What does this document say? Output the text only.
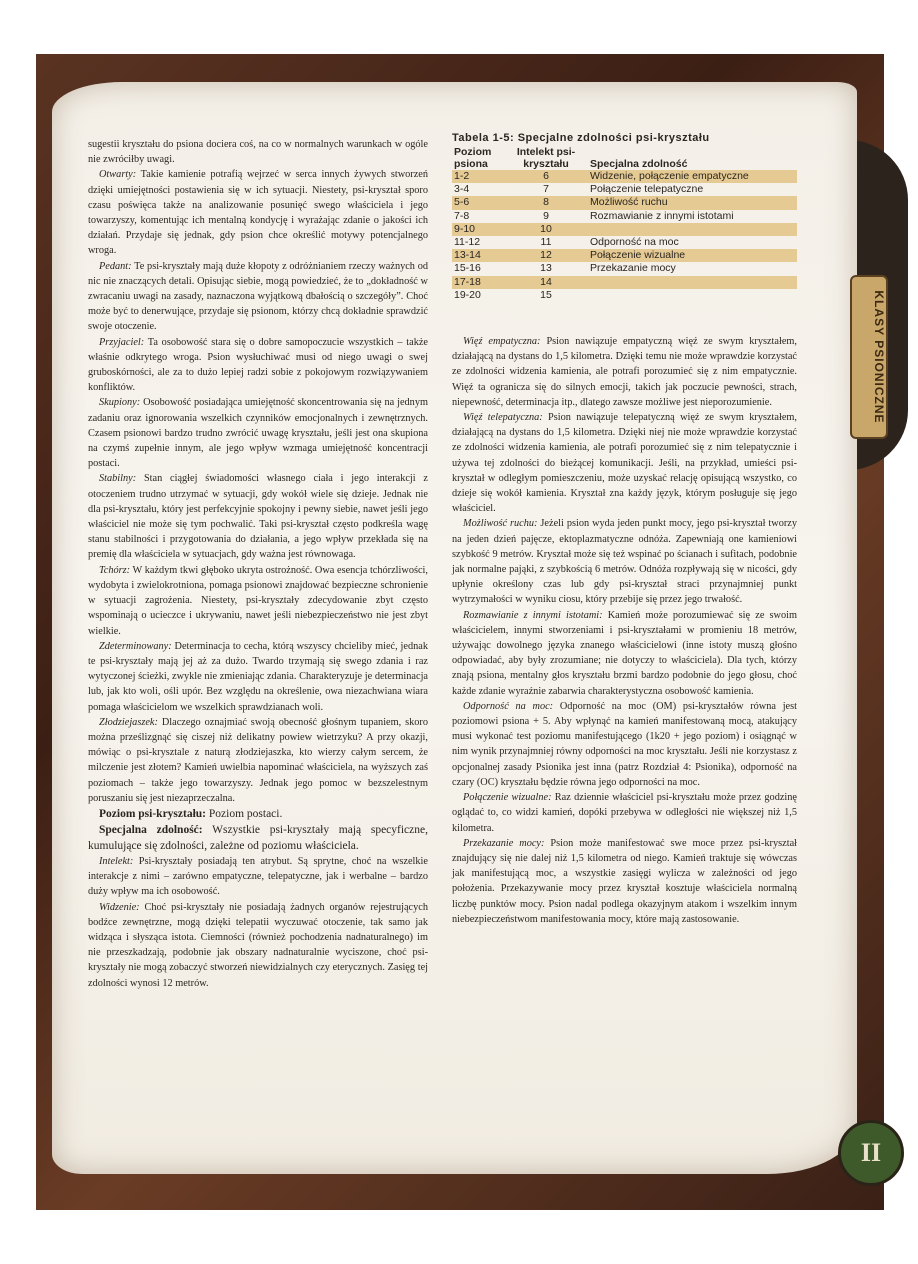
KLASY PSIONICZNE
II
Tabela 1-5: Specjalne zdolności psi-kryształu
Poziom psiona	Intelekt psi-kryształu	Specjalna zdolność
1-2	6	Widzenie, połączenie empatyczne
3-4	7	Połączenie telepatyczne
5-6	8	Możliwość ruchu
7-8	9	Rozmawianie z innymi istotami
9-10	10	
11-12	11	Odporność na moc
13-14	12	Połączenie wizualne
15-16	13	Przekazanie mocy
17-18	14	
19-20	15	

sugestii kryształu do psiona dociera coś, na co w normalnych warunkach w ogóle nie zwróciłby uwagi.

Otwarty: Takie kamienie potrafią wejrzeć w serca innych żywych stworzeń dzięki umiejętności postawienia się w ich sytuacji. Niestety, psi-kryształ sporo czasu poświęca także na analizowanie posunięć swego właściciela i jego towarzyszy, komentując ich mentalną kondycję i wyrażając zdanie o jakości ich działań. Przydaje się jednak, gdy psion chce określić motywy potencjalnego wroga.

Pedant: Te psi-kryształy mają duże kłopoty z odróżnianiem rzeczy ważnych od nic nie znaczących detali. Opisując siebie, mogą powiedzieć, że to „dokładność w zwracaniu uwagi na zasady, naznaczona wyjątkową dbałością o szczegóły”. Choć może być to denerwujące, przydaje się psionom, którzy chcą dokładnie sprawdzić swoje otoczenie.

Przyjaciel: Ta osobowość stara się o dobre samopoczucie wszystkich – także właśnie odkrytego wroga. Psion wysłuchiwać musi od niego uwagi o swej gruboskórności, ale za to dużo lepiej radzi sobie z pokojowym rozwiązywaniem konfliktów.

Skupiony: Osobowość posiadająca umiejętność skoncentrowania się na jednym zadaniu oraz ignorowania wszelkich czynników emocjonalnych i zewnętrznych. Czasem psionowi bardzo trudno zwrócić uwagę kryształu, jeśli jest ona skupiona na czymś zupełnie innym, ale jego wpływ wzmaga umiejętność koncentracji postaci.

Stabilny: Stan ciągłej świadomości własnego ciała i jego interakcji z otoczeniem trudno utrzymać w sytuacji, gdy wokół wiele się dzieje. Jednak nie dla psi-kryształu, który jest perfekcyjnie spokojny i pewny siebie, nawet jeśli jego właściciel nie może się tym pochwalić. Taki psi-kryształ często podkreśla wagę stanu stabilności i przygotowania do działania, a jego wpływ przekłada się na premię dla właściciela w sytuacjach, gdy ważna jest równowaga.

Tchórz: W każdym tkwi głęboko ukryta ostrożność. Owa esencja tchórzliwości, wydobyta i zwielokrotniona, pomaga psionowi znajdować bezpieczne schronienie w sytuacji zagrożenia. Niestety, psi-kryształy zdecydowanie zbyt często wspominają o ucieczce i ukrywaniu, nawet jeśli niebezpieczeństwo nie jest zbyt wielkie.

Zdeterminowany: Determinacja to cecha, którą wszyscy chcieliby mieć, jednak te psi-kryształy mają jej aż za dużo. Twardo trzymają się swego zdania i raz wytyczonej ścieżki, zwykle nie zmieniając zdania. Charakteryzuje je determinacja lub, jak kto woli, ośli upór. Bez względu na określenie, owa niezachwiana wiara pomaga właścicielom we wszelkich sprawdzianach woli.

Złodziejaszek: Dlaczego oznajmiać swoją obecność głośnym tupaniem, skoro można prześlizgnąć się ciszej niż delikatny powiew wietrzyku? A przy okazji, mówiąc o psi-krysztale z naturą złodziejaszka, kto wierzy całym sercem, że milczenie jest złotem? Kamień uwielbia napominać właściciela, na wyższych zaś poziomach – także jego towarzyszy. Jednak jego pomoc w bezszelestnym poruszaniu się jest niezaprzeczalna.

Poziom psi-kryształu: Poziom postaci.

Specjalna zdolność: Wszystkie psi-kryształy mają specyficzne, kumulujące się zdolności, zależne od poziomu właściciela.

Intelekt: Psi-kryształy posiadają ten atrybut. Są sprytne, choć na wszelkie interakcje z nimi – zarówno empatyczne, telepatyczne, jak i werbalne – bardzo duży wpływ ma ich osobowość.

Widzenie: Choć psi-kryształy nie posiadają żadnych organów rejestrujących bodźce zewnętrzne, mogą dzięki telepatii wyczuwać otoczenie, tak samo jak widząca i słysząca istota. Ciemności (również pochodzenia nadnaturalnego) im nie przeszkadzają, podobnie jak obszary nadnaturalnie wyciszone, choć psi-kryształy nie mogą zobaczyć stworzeń niewidzialnych czy eterycznych. Zasięg tej zdolności wynosi 12 metrów.

Więź empatyczna: Psion nawiązuje empatyczną więź ze swym kryształem, działającą na dystans do 1,5 kilometra. Dzięki temu nie może wprawdzie korzystać ze zdolności widzenia kamienia, ale potrafi porozumieć się z nim empatycznie. Więź ta ogranicza się do silnych emocji, takich jak poczucie pewności, strach, niepewność, determinacja itp., dlatego zawsze możliwe jest nieporozumienie.

Więź telepatyczna: Psion nawiązuje telepatyczną więź ze swym kryształem, działającą na dystans do 1,5 kilometra. Dzięki niej nie może wprawdzie korzystać ze zdolności widzenia kamienia, ale potrafi porozumieć się z nim telepatycznie i używa tej zdolności do bieżącej komunikacji. Jeśli, na przykład, umieści psi-kryształ w odległym pomieszczeniu, może uzyskać relację opisującą wszystko, co dzieje się wokół kamienia. Kryształ zna każdy język, którym posługuje się jego właściciel.

Możliwość ruchu: Jeżeli psion wyda jeden punkt mocy, jego psi-kryształ tworzy na jeden dzień pajęcze, ektoplazmatyczne odnóża. Zapewniają one kamieniowi szybkość 9 metrów. Kryształ może się też wspinać po ścianach i sufitach, podobnie jak normalne pająki, z szybkością 6 metrów. Odnóża rozpływają się w nicości, gdy upłynie określony czas lub gdy psi-kryształ straci przynajmniej punkt wytrzymałości w wyniku ciosu, który przebije się przez jego trwałość.

Rozmawianie z innymi istotami: Kamień może porozumiewać się ze swoim właścicielem, innymi stworzeniami i psi-kryształami w promieniu 18 metrów, używając dowolnego języka znanego właścicielowi (inne istoty muszą głośno odpowiadać, aby były zrozumiane; nie dotyczy to właściciela). Dla tych, którzy znają psiona, mentalny głos kryształu brzmi bardzo podobnie do jego głosu, choć każde zdanie wyraźnie zabarwia charakterystyczna osobowość kamienia.

Odporność na moc: Odporność na moc (OM) psi-kryształów równa jest poziomowi psiona + 5. Aby wpłynąć na kamień manifestowaną mocą, atakujący musi wykonać test poziomu manifestującego (1k20 + jego poziom) i osiągnąć w nim wynik przynajmniej równy odporności na moc kryształu. Jeśli nie korzystasz z opcjonalnej zasady Psionika jest inna (patrz Rozdział 4: Psionika), odporność na czary (OC) kryształu będzie równa jego odporności na moc.

Połączenie wizualne: Raz dziennie właściciel psi-kryształu może przez godzinę oglądać to, co widzi kamień, dopóki przebywa w odległości nie większej niż 1,5 kilometra.

Przekazanie mocy: Psion może manifestować swe moce przez psi-kryształ znajdujący się nie dalej niż 1,5 kilometra od niego. Kamień traktuje się wówczas jak manifestującą moc, a wszystkie zasięgi wylicza w zależności od jego położenia. Przekazywanie mocy przez kryształ kosztuje właściciela normalną liczbę punktów mocy. Psion nadal podlega okazyjnym atakom i wszelkim innym niebezpieczeństwom manifestowania mocy, które mają zastosowanie.
